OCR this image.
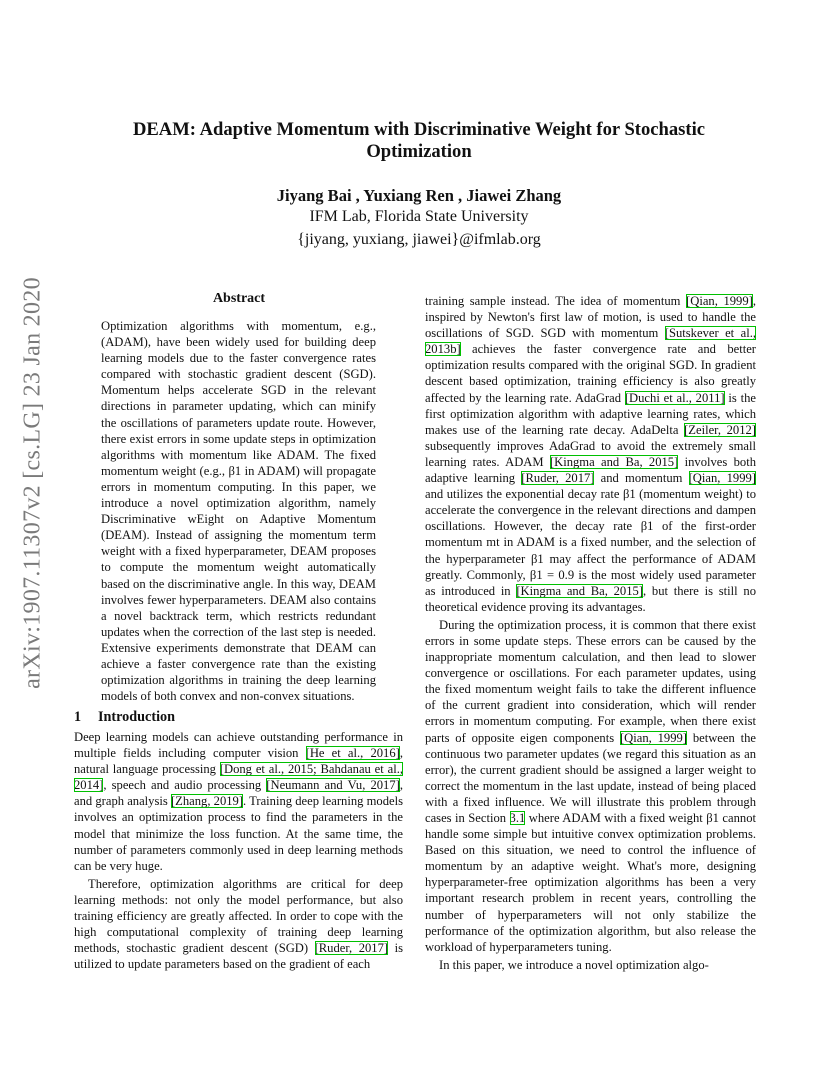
arXiv:1907.11307v2 [cs.LG] 23 Jan 2020
DEAM: Adaptive Momentum with Discriminative Weight for Stochastic Optimization
Jiyang Bai , Yuxiang Ren , Jiawei Zhang
IFM Lab, Florida State University
{jiyang, yuxiang, jiawei}@ifmlab.org
Abstract

Optimization algorithms with momentum, e.g., (ADAM), have been widely used for building deep learning models due to the faster convergence rates compared with stochastic gradient descent (SGD). Momentum helps accelerate SGD in the relevant directions in parameter updating, which can minify the oscillations of parameters update route. However, there exist errors in some update steps in optimization algorithms with momentum like ADAM. The fixed momentum weight (e.g., β1 in ADAM) will propagate errors in momentum computing. In this paper, we introduce a novel optimization algorithm, namely Discriminative wEight on Adaptive Momentum (DEAM). Instead of assigning the momentum term weight with a fixed hyperparameter, DEAM proposes to compute the momentum weight automatically based on the discriminative angle. In this way, DEAM involves fewer hyperparameters. DEAM also contains a novel backtrack term, which restricts redundant updates when the correction of the last step is needed. Extensive experiments demonstrate that DEAM can achieve a faster convergence rate than the existing optimization algorithms in training the deep learning models of both convex and non-convex situations.

1 Introduction

Deep learning models can achieve outstanding performance in multiple fields including computer vision [He et al., 2016], natural language processing [Dong et al., 2015; Bahdanau et al., 2014], speech and audio processing [Neumann and Vu, 2017], and graph analysis [Zhang, 2019]. Training deep learning models involves an optimization process to find the parameters in the model that minimize the loss function. At the same time, the number of parameters commonly used in deep learning methods can be very huge.

Therefore, optimization algorithms are critical for deep learning methods: not only the model performance, but also training efficiency are greatly affected. In order to cope with the high computational complexity of training deep learning methods, stochastic gradient descent (SGD) [Ruder, 2017] is utilized to update parameters based on the gradient of each

training sample instead. The idea of momentum [Qian, 1999], inspired by Newton's first law of motion, is used to handle the oscillations of SGD. SGD with momentum [Sutskever et al., 2013b] achieves the faster convergence rate and better optimization results compared with the original SGD. In gradient descent based optimization, training efficiency is also greatly affected by the learning rate. AdaGrad [Duchi et al., 2011] is the first optimization algorithm with adaptive learning rates, which makes use of the learning rate decay. AdaDelta [Zeiler, 2012] subsequently improves AdaGrad to avoid the extremely small learning rates. ADAM [Kingma and Ba, 2015] involves both adaptive learning [Ruder, 2017] and momentum [Qian, 1999] and utilizes the exponential decay rate β1 (momentum weight) to accelerate the convergence in the relevant directions and dampen oscillations. However, the decay rate β1 of the first-order momentum mt in ADAM is a fixed number, and the selection of the hyperparameter β1 may affect the performance of ADAM greatly. Commonly, β1 = 0.9 is the most widely used parameter as introduced in [Kingma and Ba, 2015], but there is still no theoretical evidence proving its advantages.

During the optimization process, it is common that there exist errors in some update steps. These errors can be caused by the inappropriate momentum calculation, and then lead to slower convergence or oscillations. For each parameter updates, using the fixed momentum weight fails to take the different influence of the current gradient into consideration, which will render errors in momentum computing. For example, when there exist parts of opposite eigen components [Qian, 1999] between the continuous two parameter updates (we regard this situation as an error), the current gradient should be assigned a larger weight to correct the momentum in the last update, instead of being placed with a fixed influence. We will illustrate this problem through cases in Section 3.1 where ADAM with a fixed weight β1 cannot handle some simple but intuitive convex optimization problems. Based on this situation, we need to control the influence of momentum by an adaptive weight. What's more, designing hyperparameter-free optimization algorithms has been a very important research problem in recent years, controlling the number of hyperparameters will not only stabilize the performance of the optimization algorithm, but also release the workload of hyperparameters tuning.

In this paper, we introduce a novel optimization algo-
